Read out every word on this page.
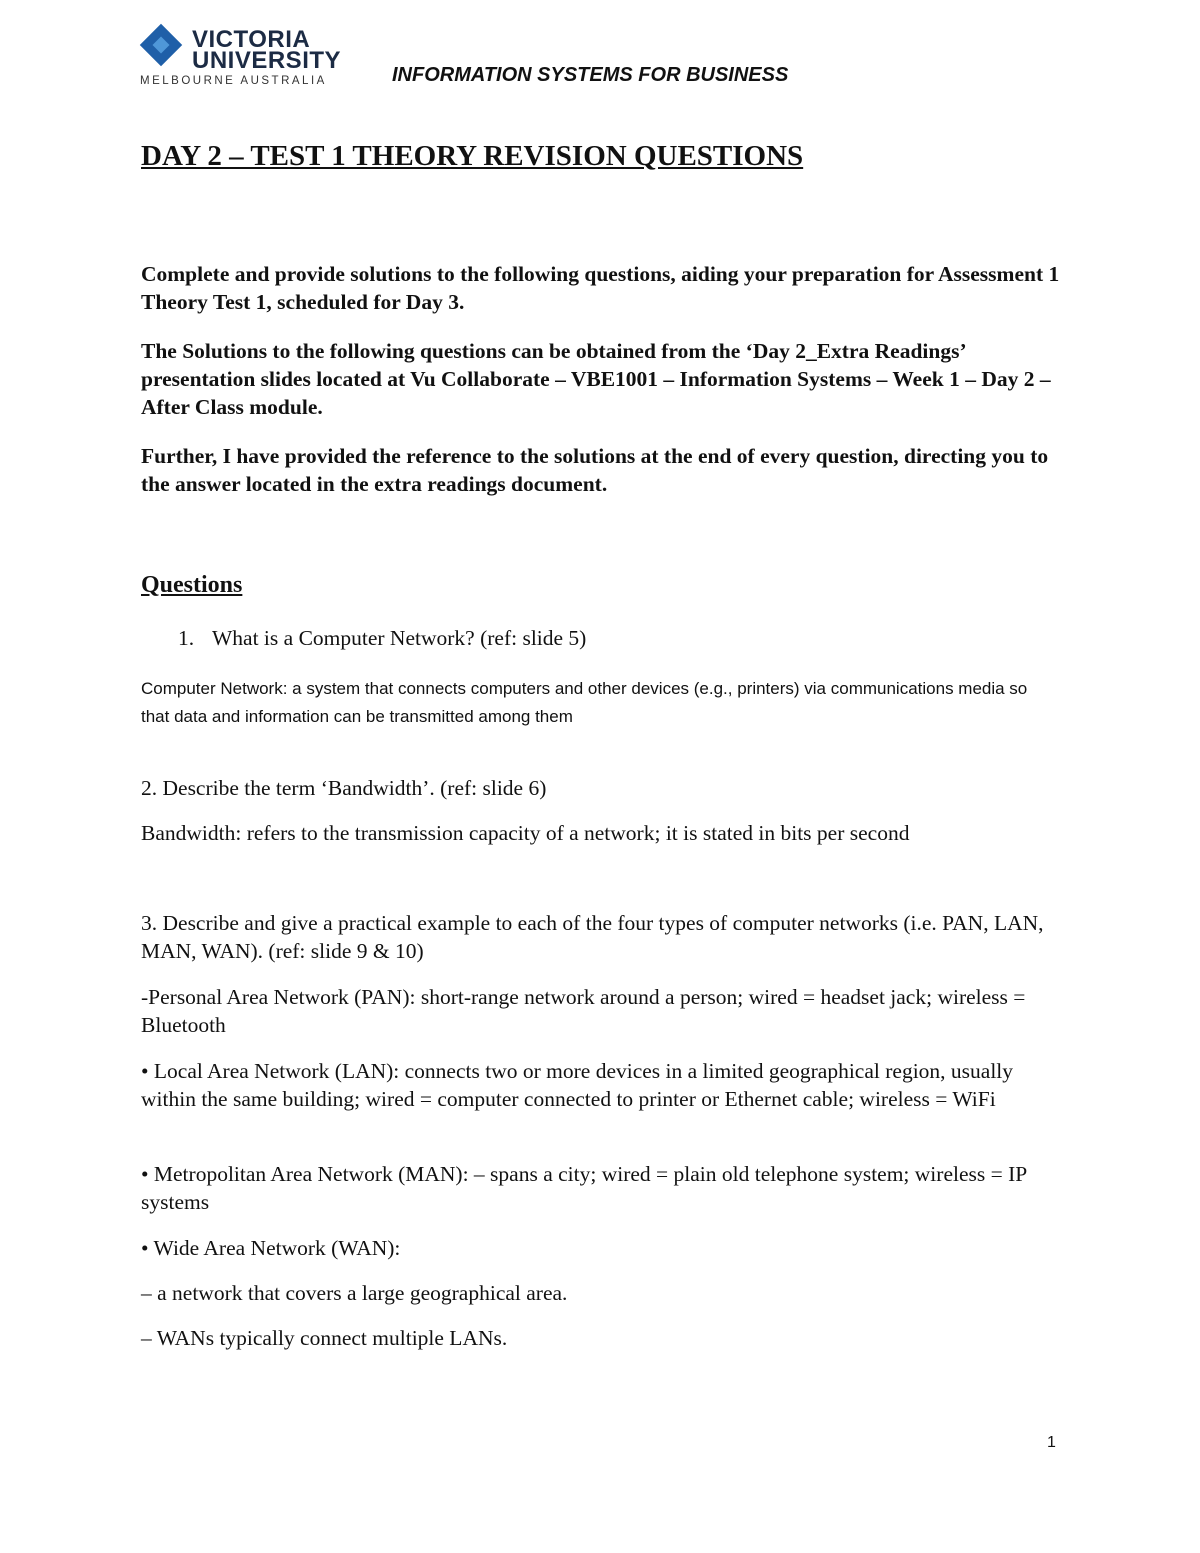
VICTORIA
UNIVERSITY
MELBOURNE AUSTRALIA	INFORMATION SYSTEMS FOR BUSINESS
DAY 2 – TEST 1 THEORY REVISION QUESTIONS

Complete and provide solutions to the following questions, aiding your preparation for Assessment 1 Theory Test 1, scheduled for Day 3.

The Solutions to the following questions can be obtained from the ‘Day 2_Extra Readings’ presentation slides located at Vu Collaborate – VBE1001 – Information Systems – Week 1 – Day 2 – After Class module.

Further, I have provided the reference to the solutions at the end of every question, directing you to the answer located in the extra readings document.

Questions
1. What is a Computer Network? (ref: slide 5)
Computer Network: a system that connects computers and other devices (e.g., printers) via communications media so that data and information can be transmitted among them

2. Describe the term ‘Bandwidth’. (ref: slide 6)

Bandwidth: refers to the transmission capacity of a network; it is stated in bits per second

3. Describe and give a practical example to each of the four types of computer networks (i.e. PAN, LAN, MAN, WAN). (ref: slide 9 & 10)

-Personal Area Network (PAN): short-range network around a person; wired = headset jack; wireless = Bluetooth

• Local Area Network (LAN): connects two or more devices in a limited geographical region, usually within the same building; wired = computer connected to printer or Ethernet cable; wireless = WiFi

• Metropolitan Area Network (MAN): – spans a city; wired = plain old telephone system; wireless = IP systems

• Wide Area Network (WAN):

– a network that covers a large geographical area.

– WANs typically connect multiple LANs.

1
